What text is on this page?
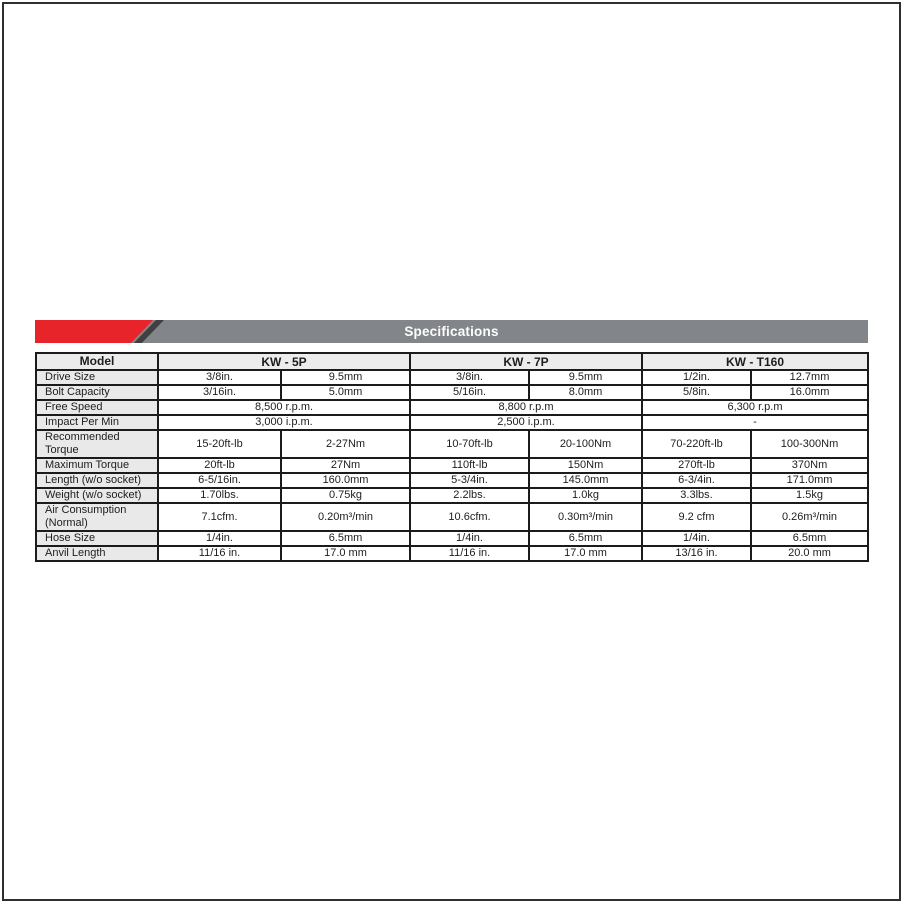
Specifications
Model	KW - 5P		KW - 7P		KW - T160	
Drive Size	3/8in.	9.5mm	3/8in.	9.5mm	1/2in.	12.7mm
Bolt Capacity	3/16in.	5.0mm	5/16in.	8.0mm	5/8in.	16.0mm
Free Speed	8,500 r.p.m.		8,800 r.p.m		6,300 r.p.m	
Impact Per Min	3,000 i.p.m.		2,500 i.p.m.		-	
Recommended Torque	15-20ft-lb	2-27Nm	10-70ft-lb	20-100Nm	70-220ft-lb	100-300Nm
Maximum Torque	20ft-lb	27Nm	110ft-lb	150Nm	270ft-lb	370Nm
Length (w/o socket)	6-5/16in.	160.0mm	5-3/4in.	145.0mm	6-3/4in.	171.0mm
Weight (w/o socket)	1.70lbs.	0.75kg	2.2lbs.	1.0kg	3.3lbs.	1.5kg
Air Consumption (Normal)	7.1cfm.	0.20m³/min	10.6cfm.	0.30m³/min	9.2 cfm	0.26m³/min
Hose Size	1/4in.	6.5mm	1/4in.	6.5mm	1/4in.	6.5mm
Anvil Length	11/16 in.	17.0 mm	11/16 in.	17.0 mm	13/16 in.	20.0 mm
